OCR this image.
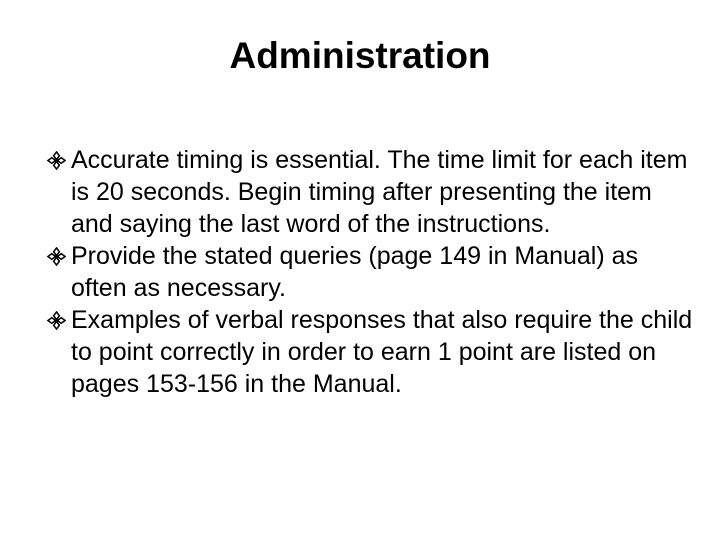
Administration
Accurate timing is essential. The time limit for each item is 20 seconds. Begin timing after presenting the item and saying the last word of the instructions.
Provide the stated queries (page 149 in Manual) as often as necessary.
Examples of verbal responses that also require the child to point correctly in order to earn 1 point are listed on pages 153-156 in the Manual.
